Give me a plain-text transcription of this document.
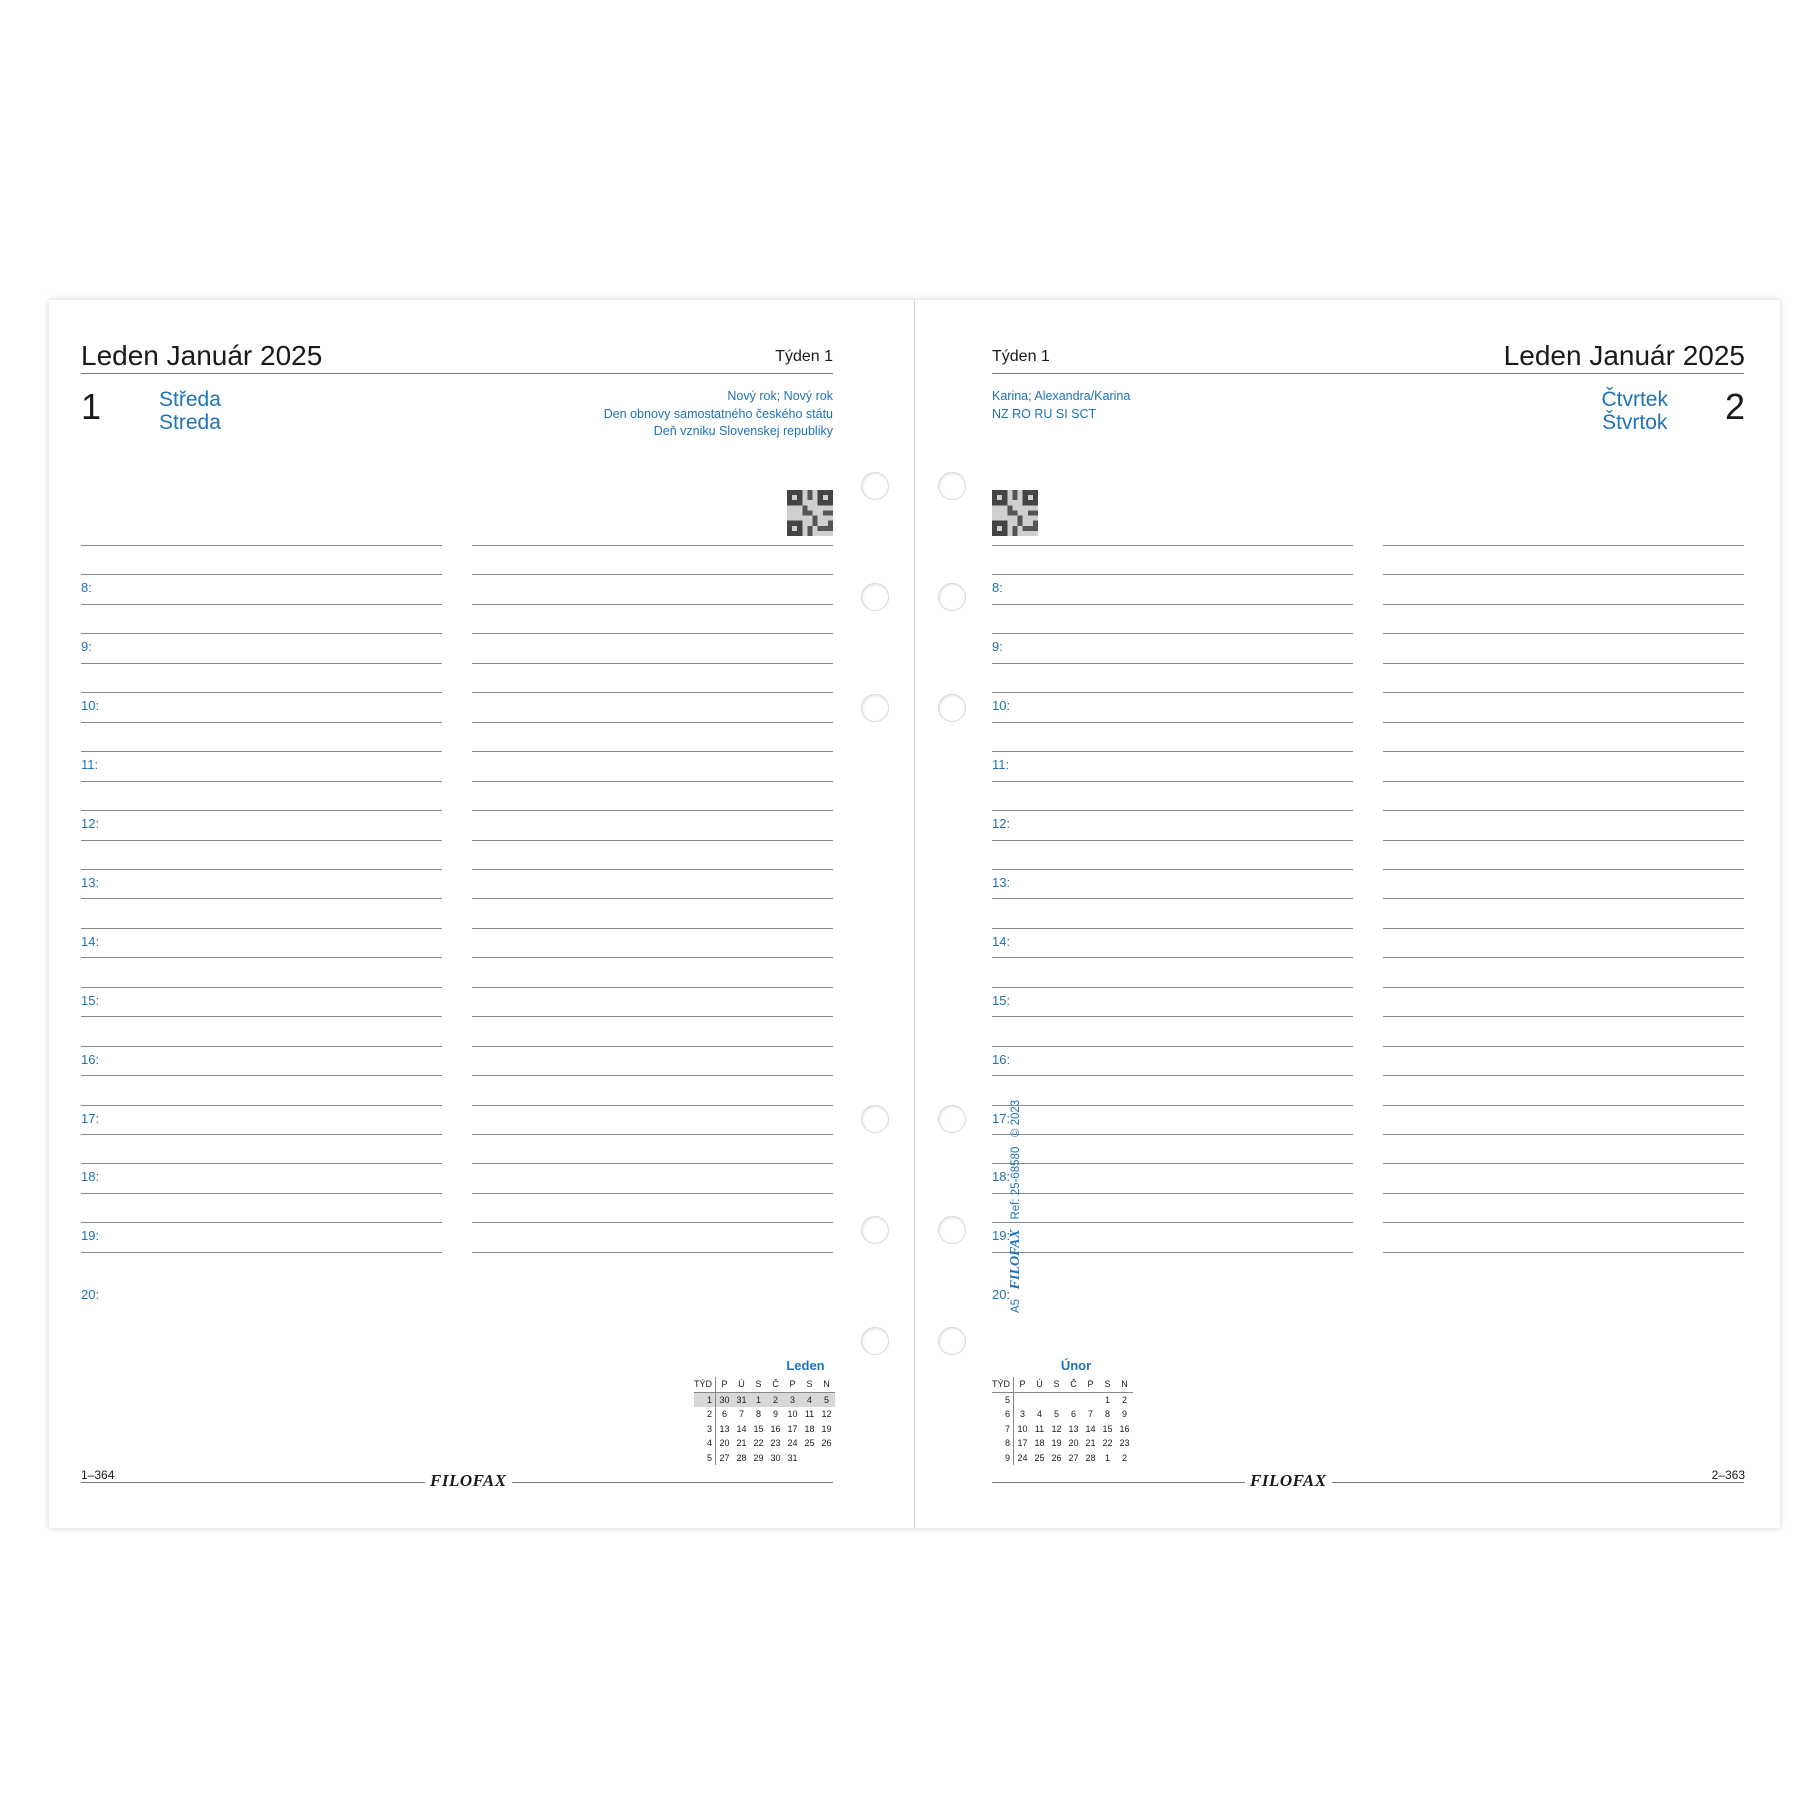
Leden Január 2025	Týden 1
1	Středa
Streda
Nový rok; Nový rok
Den obnovy samostatného českého státu
Deň vzniku Slovenskej republiky
8:
9:
10:
11:
12:
13:
14:
15:
16:
17:
18:
19:
20:
Leden
TÝD	P	Ú	S	Č	P	S	N
1	30	31	1	2	3	4	5
2	6	7	8	9	10	11	12
3	13	14	15	16	17	18	19
4	20	21	22	23	24	25	26
5	27	28	29	30	31		
1–364	FILOFAX
Týden 1	Leden Január 2025
Karina; Alexandra/Karina
NZ RO RU SI SCT
Čtvrtek
Štvrtok 2
8:
9:
10:
11:
12:
13:
14:
15:
16:
17:
18:
19:
20:
Únor
TÝD	P	Ú	S	Č	P	S	N
5						1	2
6	3	4	5	6	7	8	9
7	10	11	12	13	14	15	16
8	17	18	19	20	21	22	23
9	24	25	26	27	28	1	2
2–363
FILOFAX
A5   FILOFAX   Ref: 25-68580   © 2023
